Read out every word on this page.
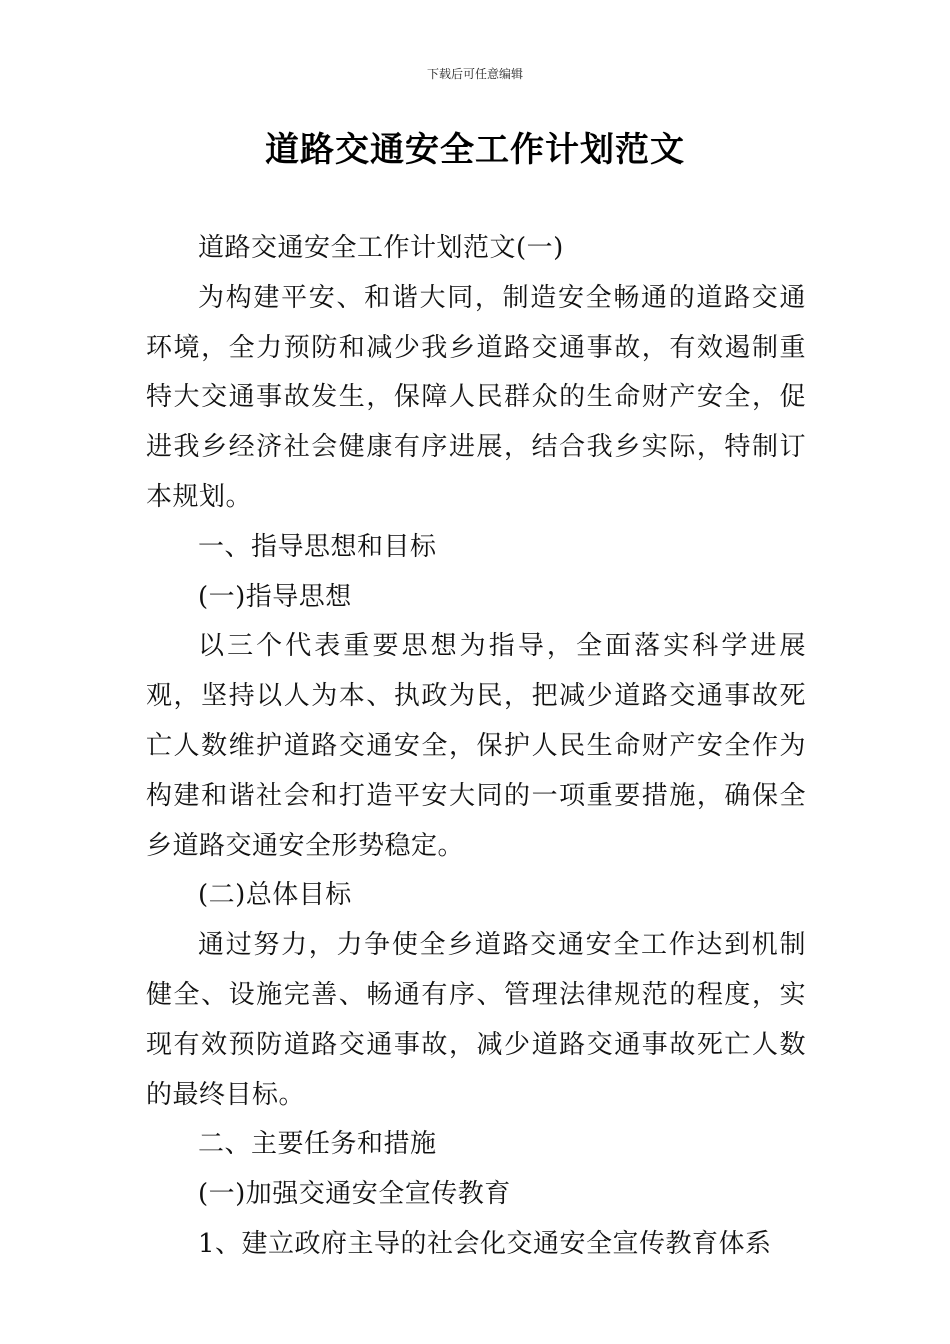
下载后可任意编辑
道路交通安全工作计划范文

道路交通安全工作计划范文(一)

为构建平安、和谐大同，制造安全畅通的道路交通环境，全力预防和减少我乡道路交通事故，有效遏制重特大交通事故发生，保障人民群众的生命财产安全，促进我乡经济社会健康有序进展，结合我乡实际，特制订本规划。

一、指导思想和目标

(一)指导思想

以三个代表重要思想为指导，全面落实科学进展观，坚持以人为本、执政为民，把减少道路交通事故死亡人数维护道路交通安全，保护人民生命财产安全作为构建和谐社会和打造平安大同的一项重要措施，确保全乡道路交通安全形势稳定。

(二)总体目标

通过努力，力争使全乡道路交通安全工作达到机制健全、设施完善、畅通有序、管理法律规范的程度，实现有效预防道路交通事故，减少道路交通事故死亡人数的最终目标。

二、主要任务和措施

(一)加强交通安全宣传教育

1、建立政府主导的社会化交通安全宣传教育体系
